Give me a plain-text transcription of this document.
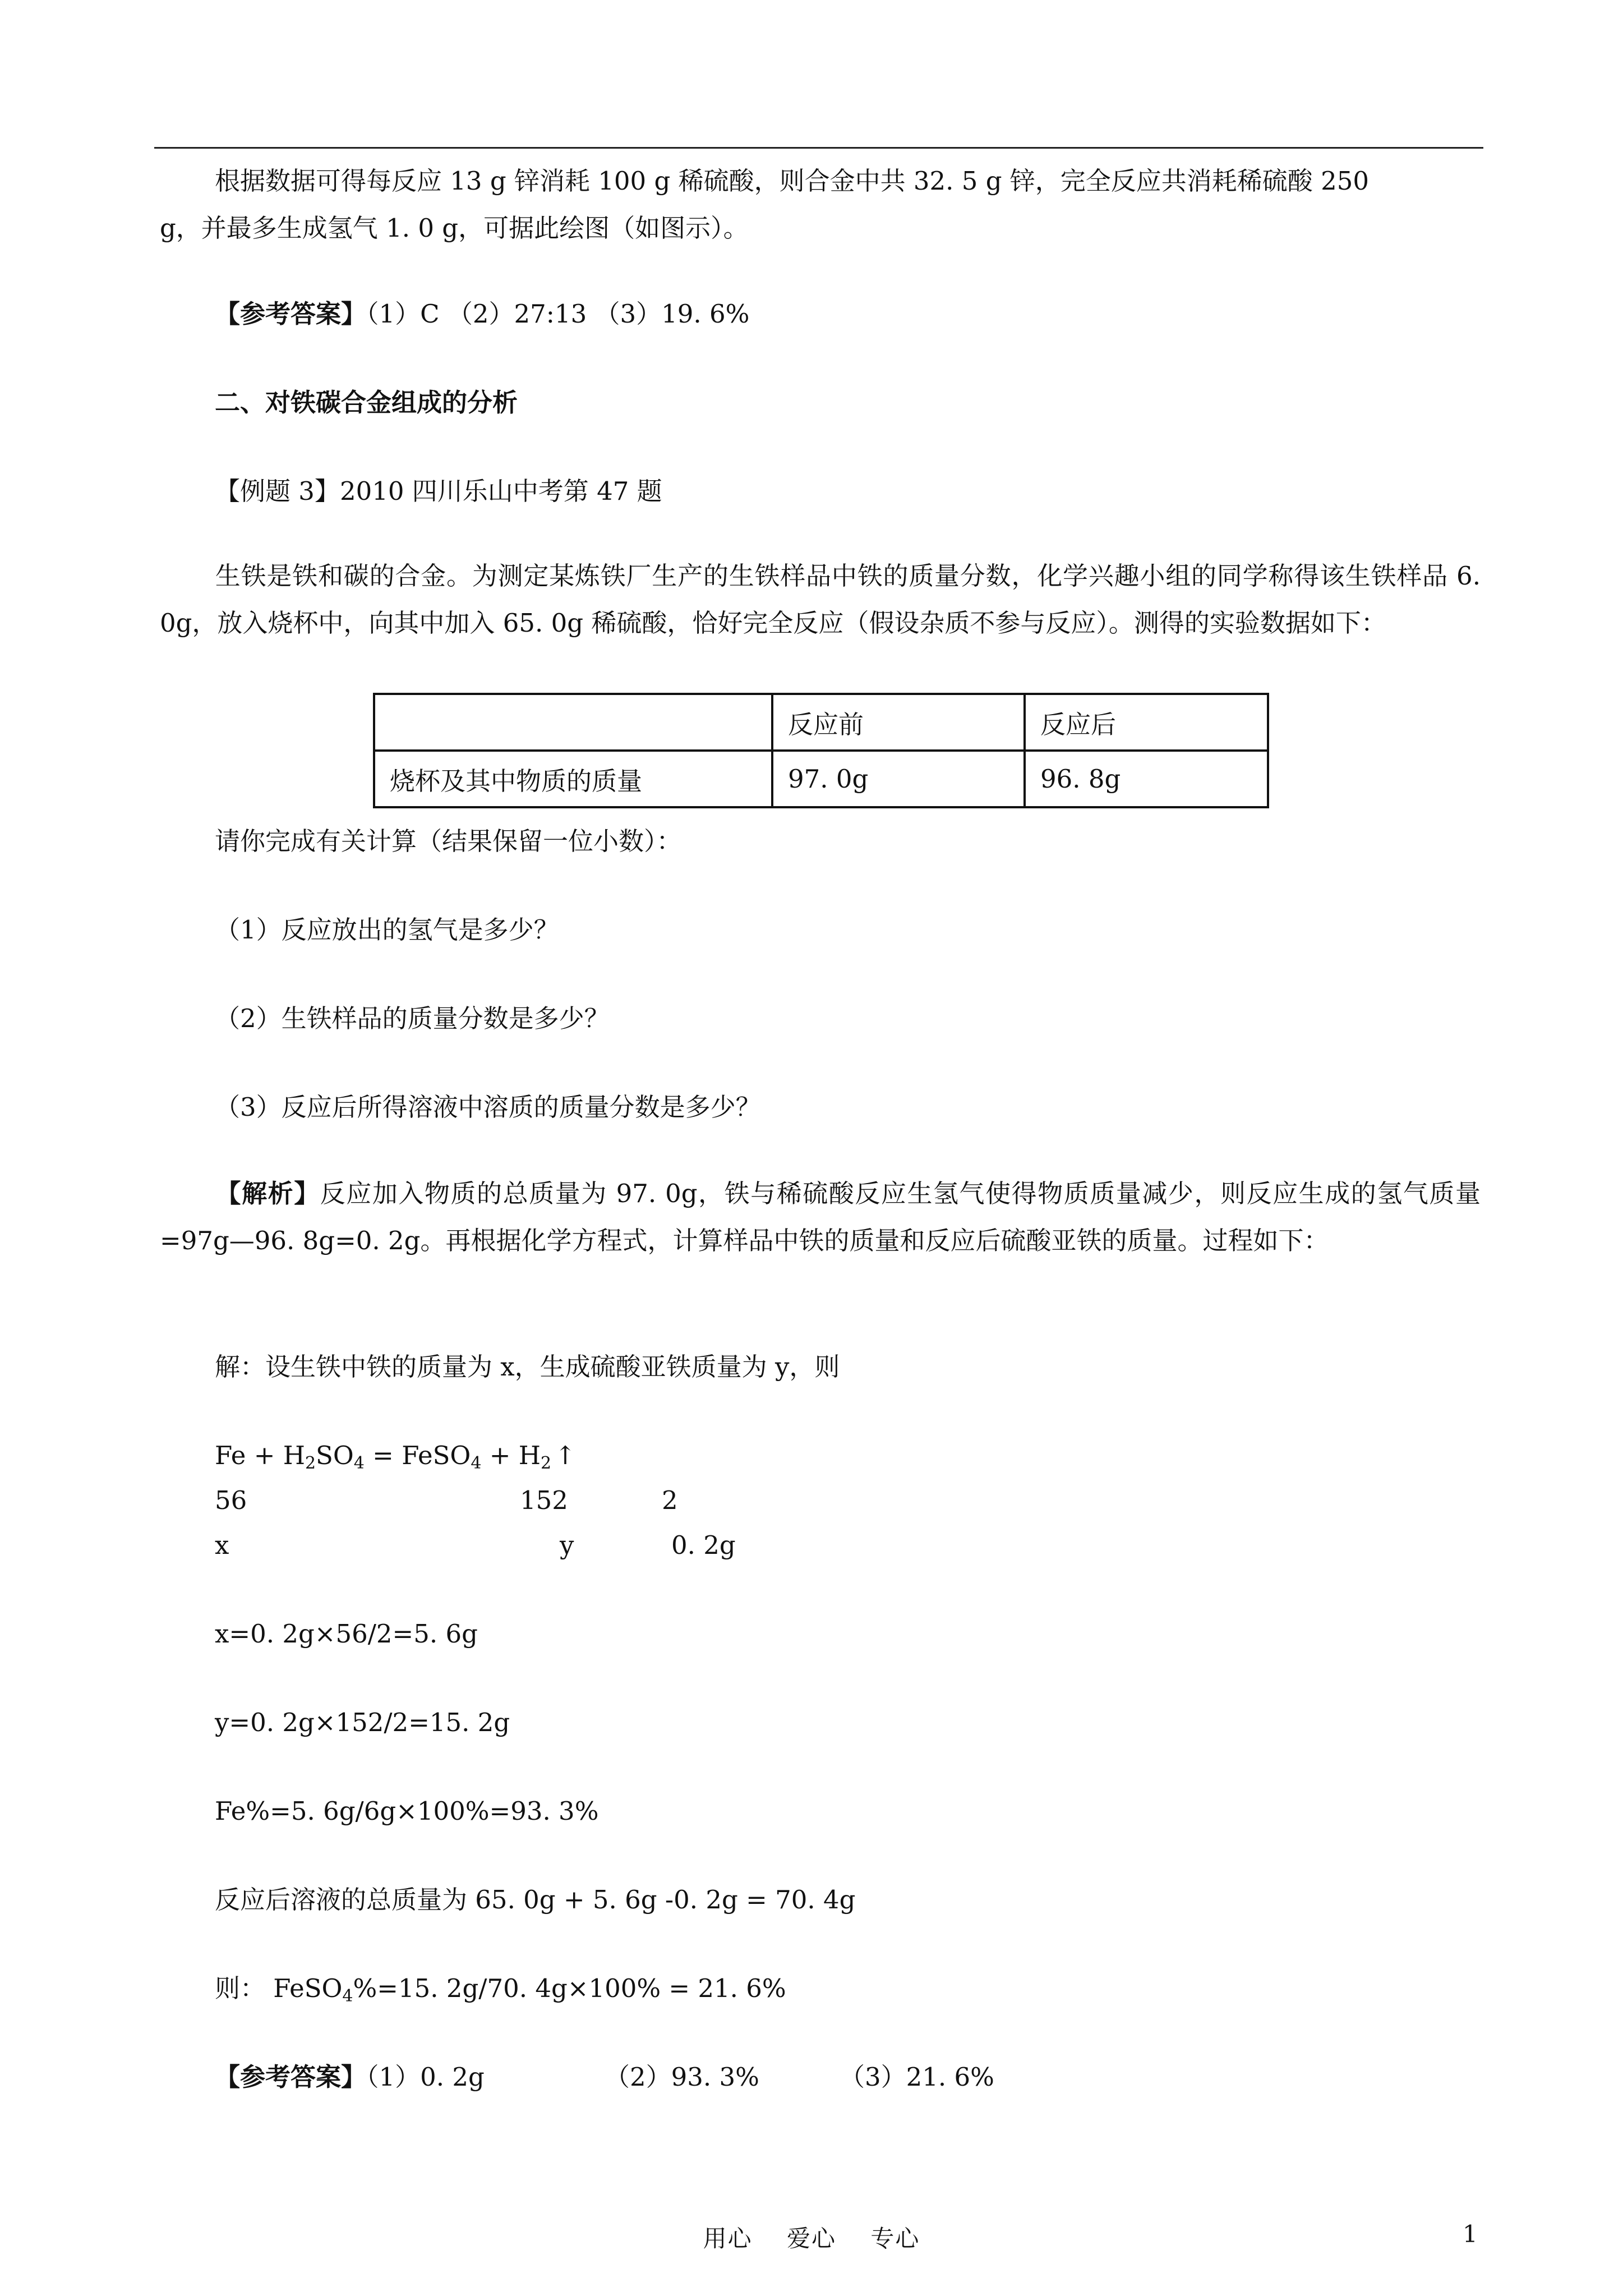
根据数据可得每反应 13 g 锌消耗 100 g 稀硫酸，则合金中共 32. 5 g 锌，完全反应共消耗稀硫酸 250
g，并最多生成氢气 1. 0 g，可据此绘图（如图示）。
【参考答案】（1）C （2）27:13 （3）19. 6%
二、对铁碳合金组成的分析
【例题 3】2010 四川乐山中考第 47 题
生铁是铁和碳的合金。为测定某炼铁厂生产的生铁样品中铁的质量分数，化学兴趣小组的同学称得该生铁样品 6. 0g，放入烧杯中，向其中加入 65. 0g 稀硫酸，恰好完全反应（假设杂质不参与反应）。测得的实验数据如下：
	反应前	反应后
烧杯及其中物质的质量	97. 0g	96. 8g
请你完成有关计算（结果保留一位小数）：
（1）反应放出的氢气是多少？
（2）生铁样品的质量分数是多少？
（3）反应后所得溶液中溶质的质量分数是多少？
【解析】反应加入物质的总质量为 97. 0g，铁与稀硫酸反应生氢气使得物质质量减少，则反应生成的氢气质量=97g—96. 8g=0. 2g。再根据化学方程式，计算样品中铁的质量和反应后硫酸亚铁的质量。过程如下：
解：设生铁中铁的质量为 x，生成硫酸亚铁质量为 y，则
$Fe + H_2SO_4$ = FeSO$_4$ + $H_2$ ↑
56	152	2
x	y	0. 2g
x=0. 2g×56/2=5. 6g
y=0. 2g×152/2=15. 2g
Fe%=5. 6g/6g×100%=93. 3%
反应后溶液的总质量为 65. 0g + 5. 6g -0. 2g = 70. 4g
则： FeSO$_4$%=15. 2g/70. 4g×100% = 21. 6%
【参考答案】（1）0. 2g	（2）93. 3%	（3）21. 6%
用心    爱心    专心	1
